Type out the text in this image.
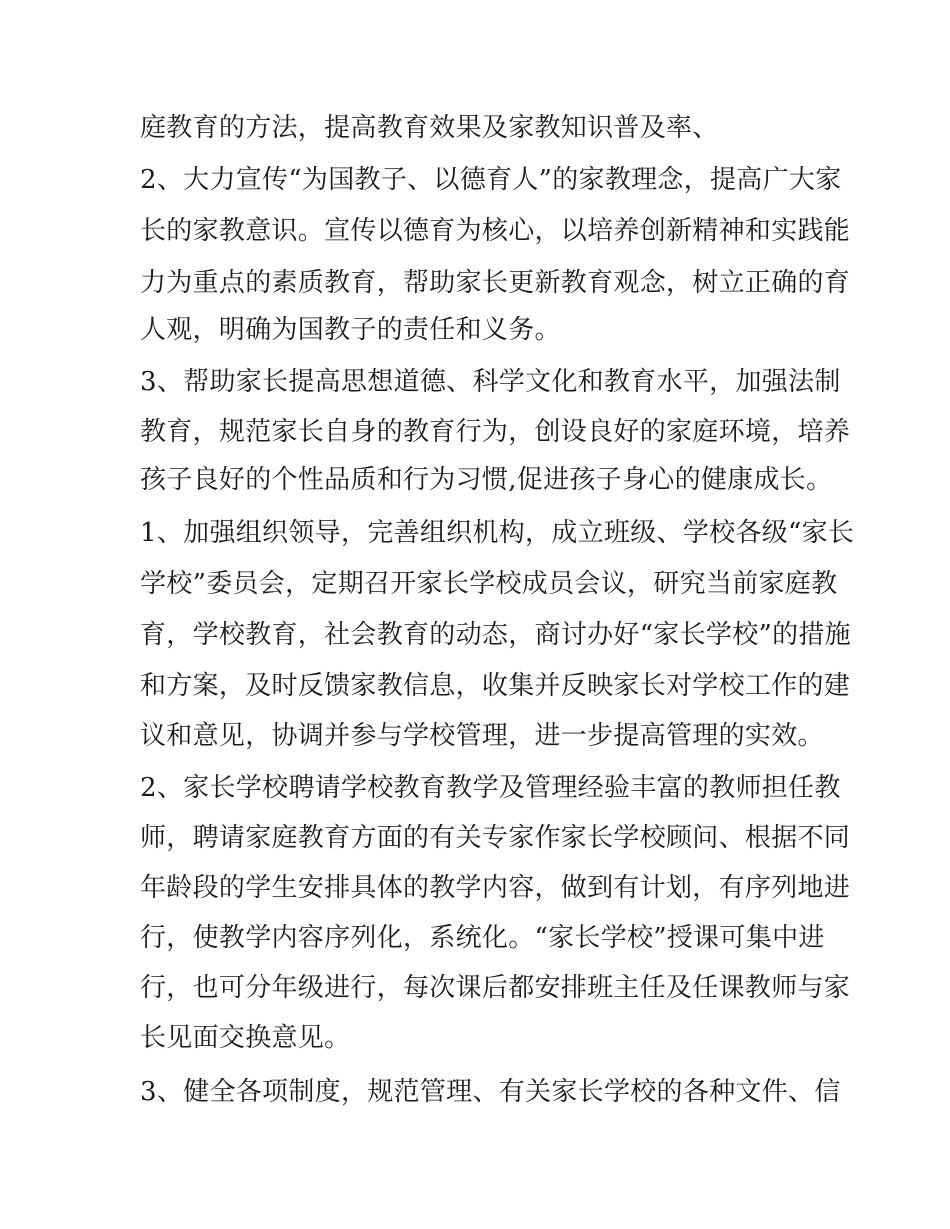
庭教育的方法，提高教育效果及家教知识普及率、
2、大力宣传“为国教子、以德育人”的家教理念，提高广大家
长的家教意识。宣传以德育为核心，以培养创新精神和实践能
力为重点的素质教育，帮助家长更新教育观念，树立正确的育
人观，明确为国教子的责任和义务。
3、帮助家长提高思想道德、科学文化和教育水平，加强法制
教育，规范家长自身的教育行为，创设良好的家庭环境，培养
孩子良好的个性品质和行为习惯,促进孩子身心的健康成长。
1、加强组织领导，完善组织机构，成立班级、学校各级“家长
学校”委员会，定期召开家长学校成员会议，研究当前家庭教
育，学校教育，社会教育的动态，商讨办好“家长学校”的措施
和方案，及时反馈家教信息，收集并反映家长对学校工作的建
议和意见，协调并参与学校管理，进一步提高管理的实效。
2、家长学校聘请学校教育教学及管理经验丰富的教师担任教
师，聘请家庭教育方面的有关专家作家长学校顾问、根据不同
年龄段的学生安排具体的教学内容，做到有计划，有序列地进
行，使教学内容序列化，系统化。“家长学校”授课可集中进
行，也可分年级进行，每次课后都安排班主任及任课教师与家
长见面交换意见。
3、健全各项制度，规范管理、有关家长学校的各种文件、信
